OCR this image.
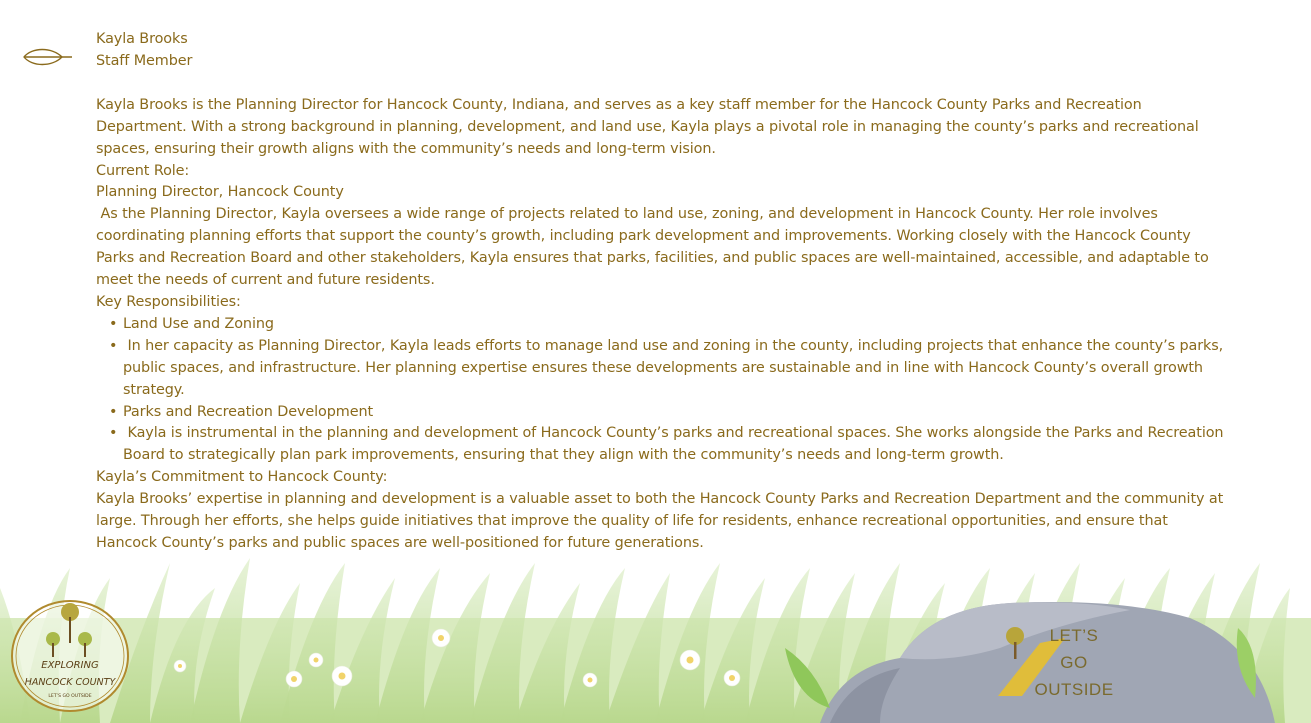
Kayla Brooks

Staff Member

Kayla Brooks is the Planning Director for Hancock County, Indiana, and serves as a key staff member for the Hancock County Parks and Recreation Department. With a strong background in planning, development, and land use, Kayla plays a pivotal role in managing the county’s parks and recreational spaces, ensuring their growth aligns with the community’s needs and long-term vision.

Current Role:

Planning Director, Hancock County

As the Planning Director, Kayla oversees a wide range of projects related to land use, zoning, and development in Hancock County. Her role involves coordinating planning efforts that support the county’s growth, including park development and improvements. Working closely with the Hancock County Parks and Recreation Board and other stakeholders, Kayla ensures that parks, facilities, and public spaces are well-maintained, accessible, and adaptable to meet the needs of current and future residents.

Key Responsibilities:

• Land Use and Zoning
•  In her capacity as Planning Director, Kayla leads efforts to manage land use and zoning in the county, including projects that enhance the county’s parks, public spaces, and infrastructure. Her planning expertise ensures these developments are sustainable and in line with Hancock County’s overall growth strategy.
• Parks and Recreation Development
•  Kayla is instrumental in the planning and development of Hancock County’s parks and recreational spaces. She works alongside the Parks and Recreation Board to strategically plan park improvements, ensuring that they align with the community’s needs and long-term growth.

Kayla’s Commitment to Hancock County:

Kayla Brooks’ expertise in planning and development is a valuable asset to both the Hancock County Parks and Recreation Department and the community at large. Through her efforts, she helps guide initiatives that improve the quality of life for residents, enhance recreational opportunities, and ensure that Hancock County’s parks and public spaces are well-positioned for future generations.

LET’S
GO
OUTSIDE
EXPLORING
HANCOCK COUNTY
LET’S GO OUTSIDE
